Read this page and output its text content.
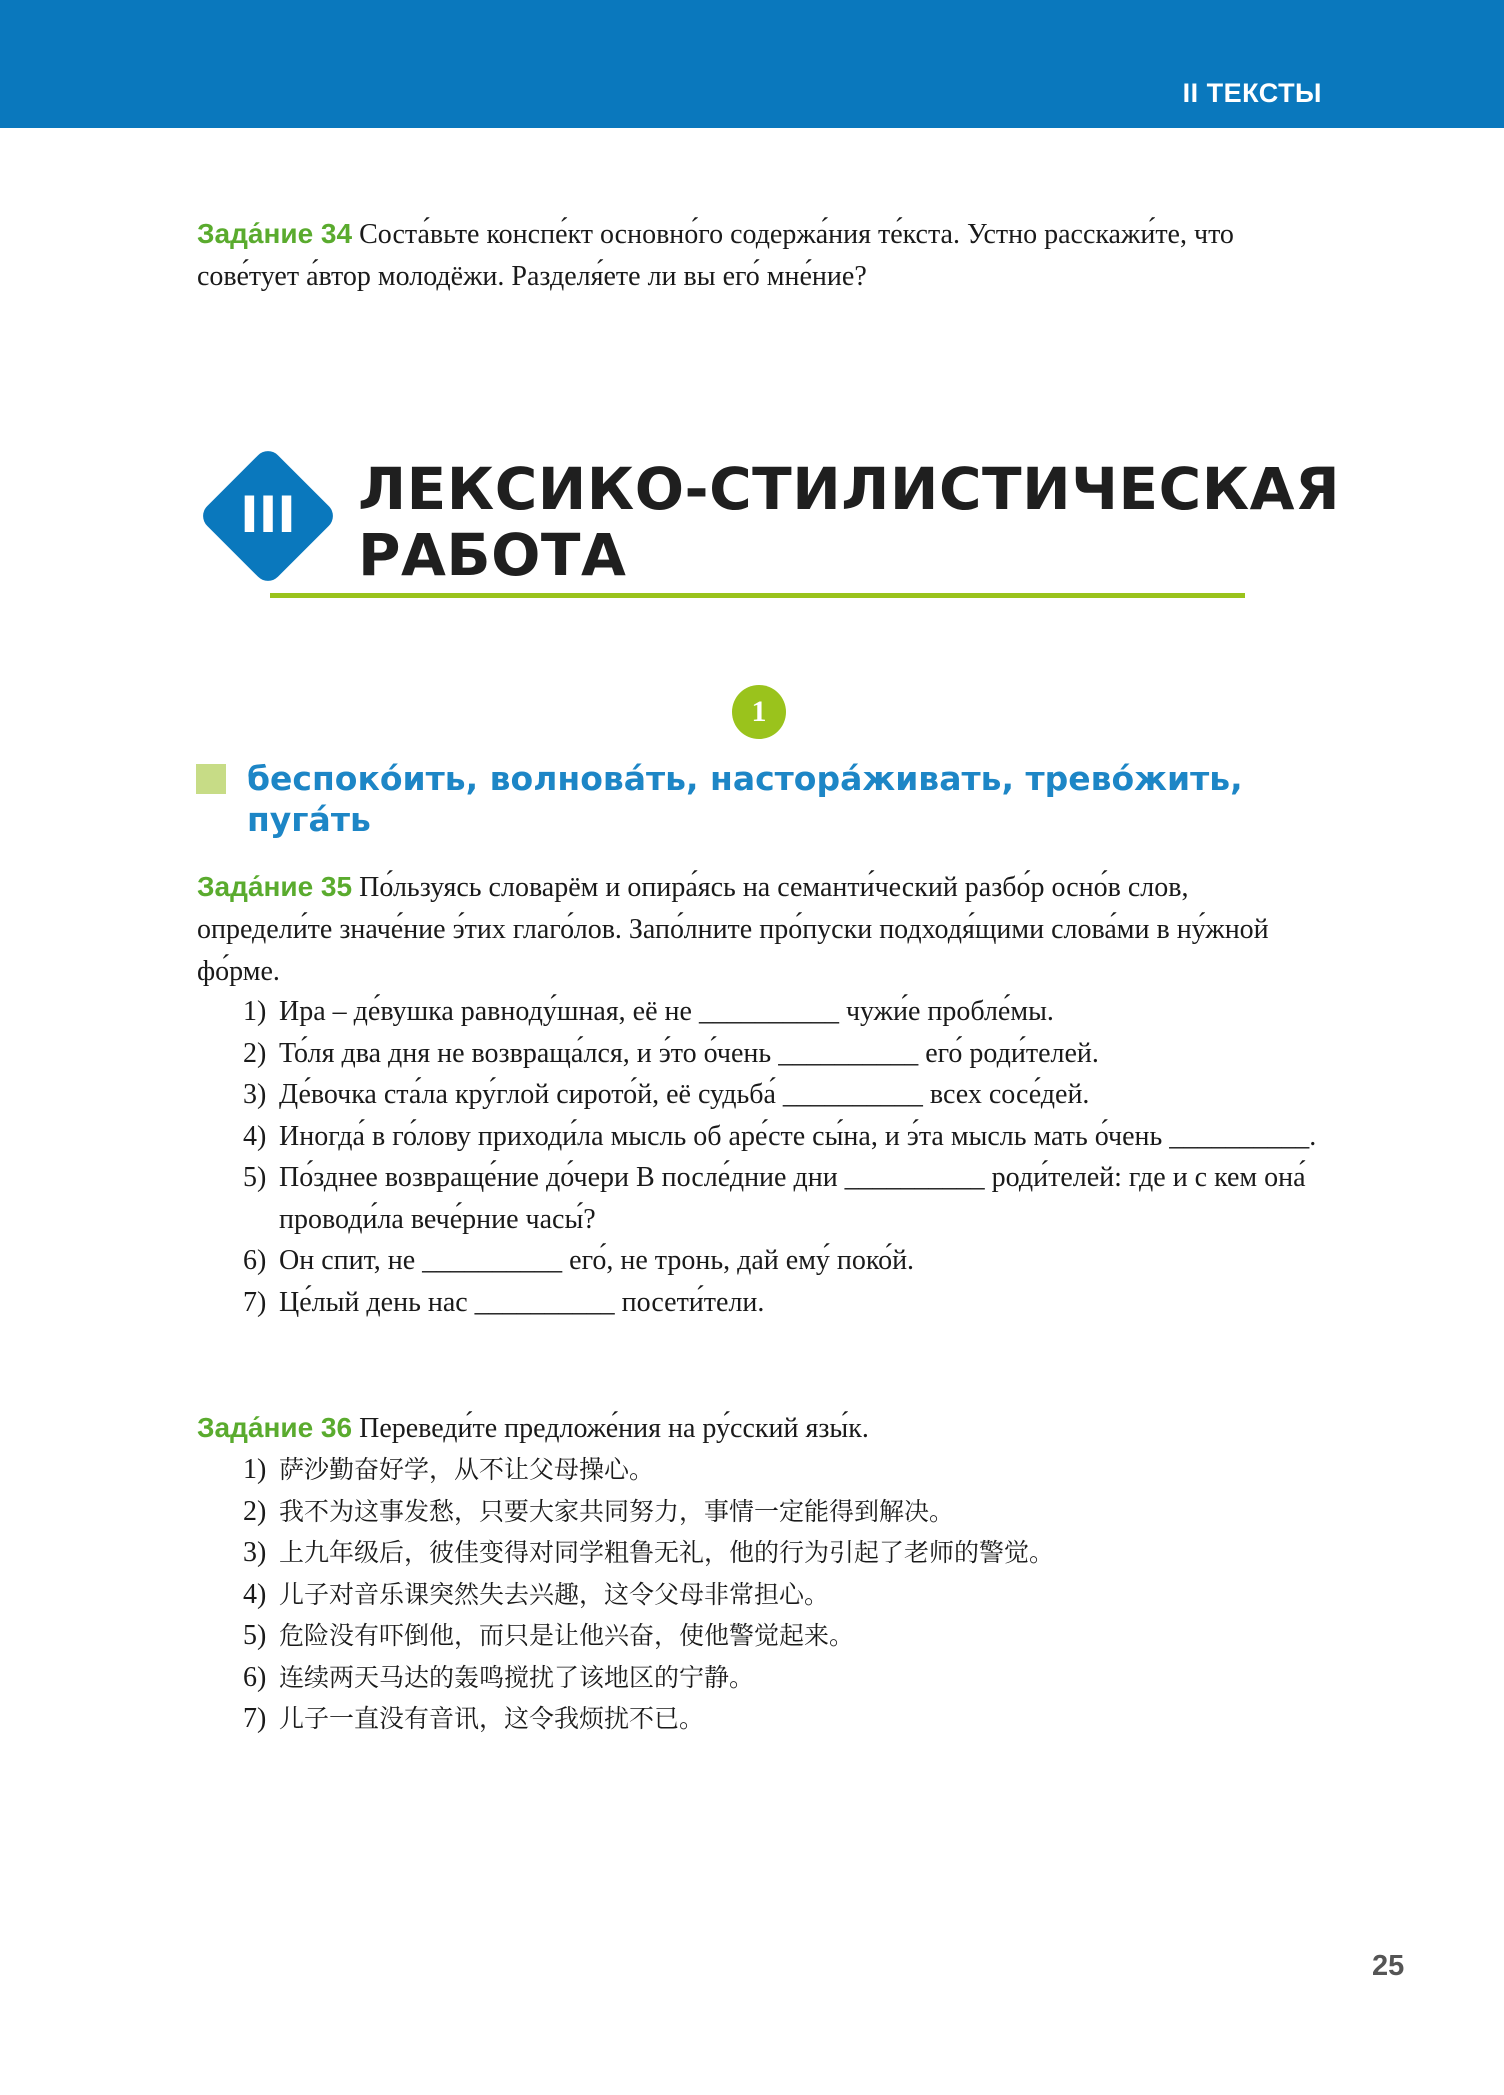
II ТЕКСТЫ
Зада́ние 34 Соста́вьте конспе́кт основно́го содержа́ния те́кста. Устно расскажи́те, что сове́тует а́втор молодёжи. Разделя́ете ли вы его́ мне́ние?
III ЛЕКСИКО-СТИЛИСТИЧЕСКАЯ
РАБОТА
1
беспоко́ить, волнова́ть, насторáживать, трево́жить, пуга́ть
Зада́ние 35 По́льзуясь словарём и опира́ясь на семанти́ческий разбо́р осно́в слов, определи́те значе́ние э́тих глаго́лов. Запо́лните про́пуски подходя́щими слова́ми в ну́жной фо́рме.
1) Ира – де́вушка равноду́шная, её не __________ чужи́е пробле́мы.
2) То́ля два дня не возвраща́лся, и э́то о́чень __________ его́ роди́телей.
3) Де́вочка ста́ла кру́глой сирото́й, её судьба́ __________ всех сосе́дей.
4) Иногда́ в го́лову приходи́ла мысль об аре́сте сы́на, и э́та мысль мать о́чень __________.
5) По́зднее возвраще́ние до́чери В после́дние дни __________ роди́телей: где и с кем она́ проводи́ла вече́рние часы́?
6) Он спит, не __________ его́, не тронь, дай ему́ поко́й.
7) Це́лый день нас __________ посети́тели.
Зада́ние 36 Переведи́те предложе́ния на ру́сский язы́к.
1) 萨沙勤奋好学，从不让父母操心。
2) 我不为这事发愁，只要大家共同努力，事情一定能得到解决。
3) 上九年级后，彼佳变得对同学粗鲁无礼，他的行为引起了老师的警觉。
4) 儿子对音乐课突然失去兴趣，这令父母非常担心。
5) 危险没有吓倒他，而只是让他兴奋，使他警觉起来。
6) 连续两天马达的轰鸣搅扰了该地区的宁静。
7) 儿子一直没有音讯，这令我烦扰不已。
25
